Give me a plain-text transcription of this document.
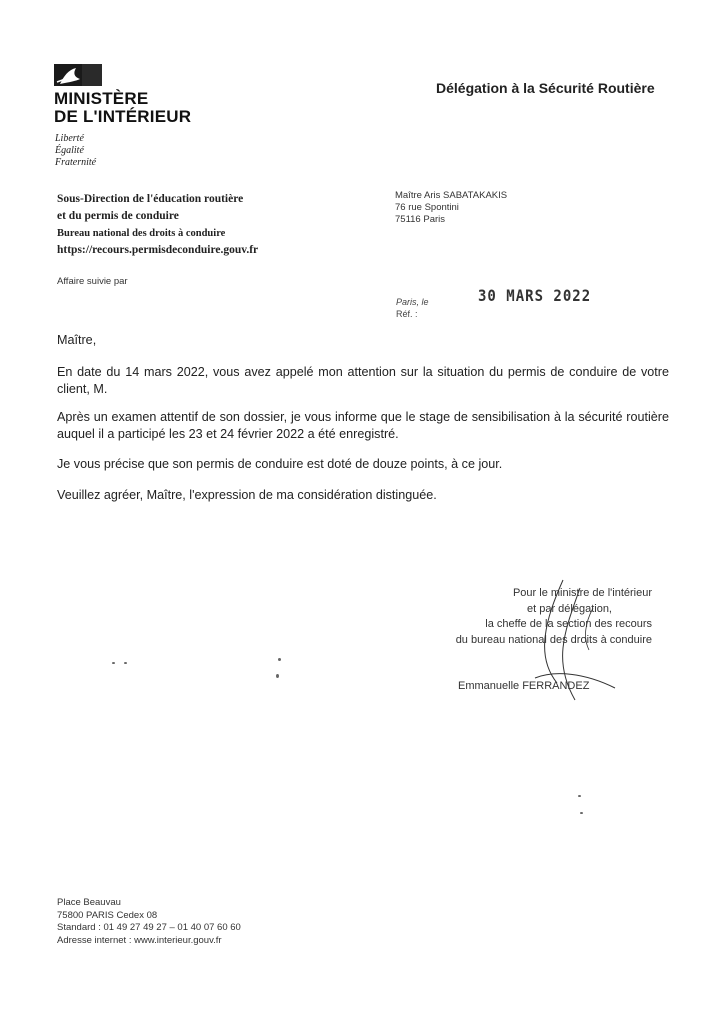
MINISTÈRE
DE L'INTÉRIEUR
Liberté
Égalité
Fraternité
Délégation à la Sécurité Routière
Sous-Direction de l'éducation routière
et du permis de conduire
Bureau national des droits à conduire
https://recours.permisdeconduire.gouv.fr
Affaire suivie par
Maître Aris SABATAKAKIS
76 rue Spontini
75116 Paris
Paris, le
Réf. :
30 MARS 2022

Maître,

En date du 14 mars 2022, vous avez appelé mon attention sur la situation du permis de conduire de votre client, M.

Après un examen attentif de son dossier, je vous informe que le stage de sensibilisation à la sécurité routière auquel il a participé les 23 et 24 février 2022 a été enregistré.

Je vous précise que son permis de conduire est doté de douze points, à ce jour.

Veuillez agréer, Maître, l'expression de ma considération distinguée.

Pour le ministre de l'intérieur
et par délégation,
la cheffe de la section des recours
du bureau national des droits à conduire
Emmanuelle FERRANDEZ
Place Beauvau
75800 PARIS Cedex 08
Standard : 01 49 27 49 27 – 01 40 07 60 60
Adresse internet : www.interieur.gouv.fr
